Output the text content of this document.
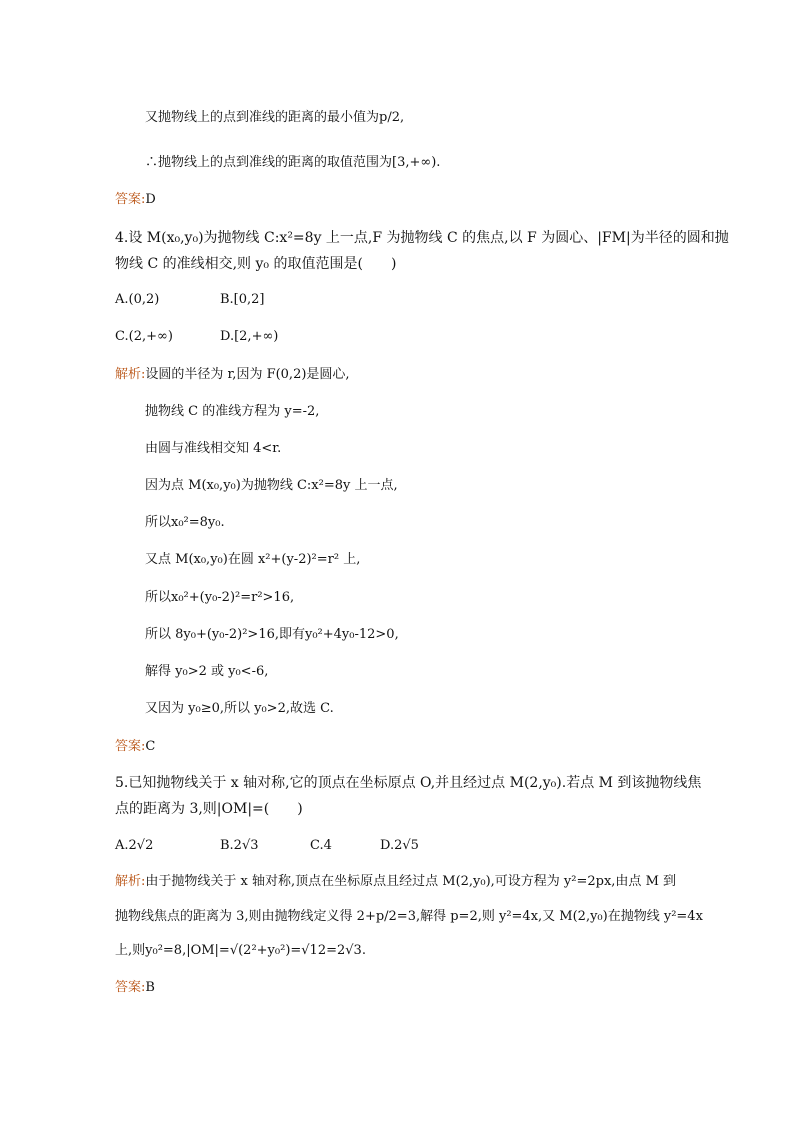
又抛物线上的点到准线的距离的最小值为p/2,
∴抛物线上的点到准线的距离的取值范围为[3,+∞).
答案:D
4.设 M(x₀,y₀)为抛物线 C:x²=8y 上一点,F 为抛物线 C 的焦点,以 F 为圆心、|FM|为半径的圆和抛
物线 C 的准线相交,则 y₀ 的取值范围是(　　)
A.(0,2)	B.[0,2]
C.(2,+∞)	D.[2,+∞)
解析:设圆的半径为 r,因为 F(0,2)是圆心,
抛物线 C 的准线方程为 y=-2,
由圆与准线相交知 4<r.
因为点 M(x₀,y₀)为抛物线 C:x²=8y 上一点,
所以x₀²=8y₀.
又点 M(x₀,y₀)在圆 x²+(y-2)²=r² 上,
所以x₀²+(y₀-2)²=r²>16,
所以 8y₀+(y₀-2)²>16,即有y₀²+4y₀-12>0,
解得 y₀>2 或 y₀<-6,
又因为 y₀≥0,所以 y₀>2,故选 C.
答案:C
5.已知抛物线关于 x 轴对称,它的顶点在坐标原点 O,并且经过点 M(2,y₀).若点 M 到该抛物线焦
点的距离为 3,则|OM|=(　　)
A.2√2	B.2√3	C.4	D.2√5
解析:由于抛物线关于 x 轴对称,顶点在坐标原点且经过点 M(2,y₀),可设方程为 y²=2px,由点 M 到
抛物线焦点的距离为 3,则由抛物线定义得 2+p/2=3,解得 p=2,则 y²=4x,又 M(2,y₀)在抛物线 y²=4x
上,则y₀²=8,|OM|=√(2²+y₀²)=√12=2√3.
答案:B
